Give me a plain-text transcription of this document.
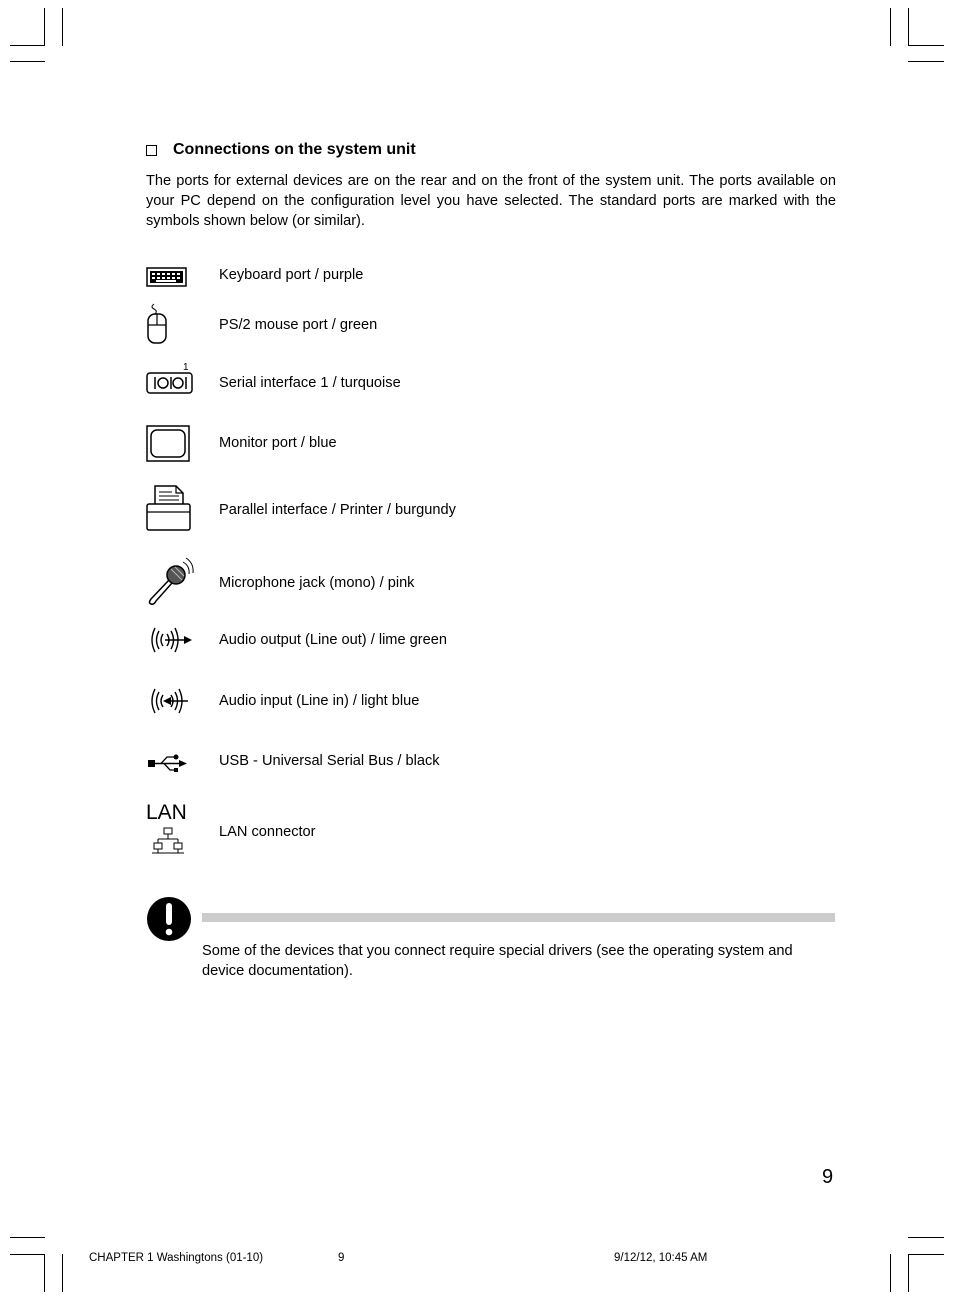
Connections on the system unit
The ports for external devices are on the rear and on the front of the system unit. The ports available on your PC depend on the configuration level you have selected. The standard ports are marked with the symbols shown below (or similar).
Keyboard port / purple
PS/2 mouse port / green
1
Serial interface 1 / turquoise
Monitor port / blue
Parallel interface / Printer / burgundy
Microphone jack (mono) / pink
Audio output (Line out) / lime green
Audio input (Line in) / light blue
USB - Universal Serial Bus / black
LAN
LAN connector
Some of the devices that you connect require special drivers (see the operating system and device documentation).
9
CHAPTER 1 Washingtons (01-10)	9	9/12/12, 10:45 AM
